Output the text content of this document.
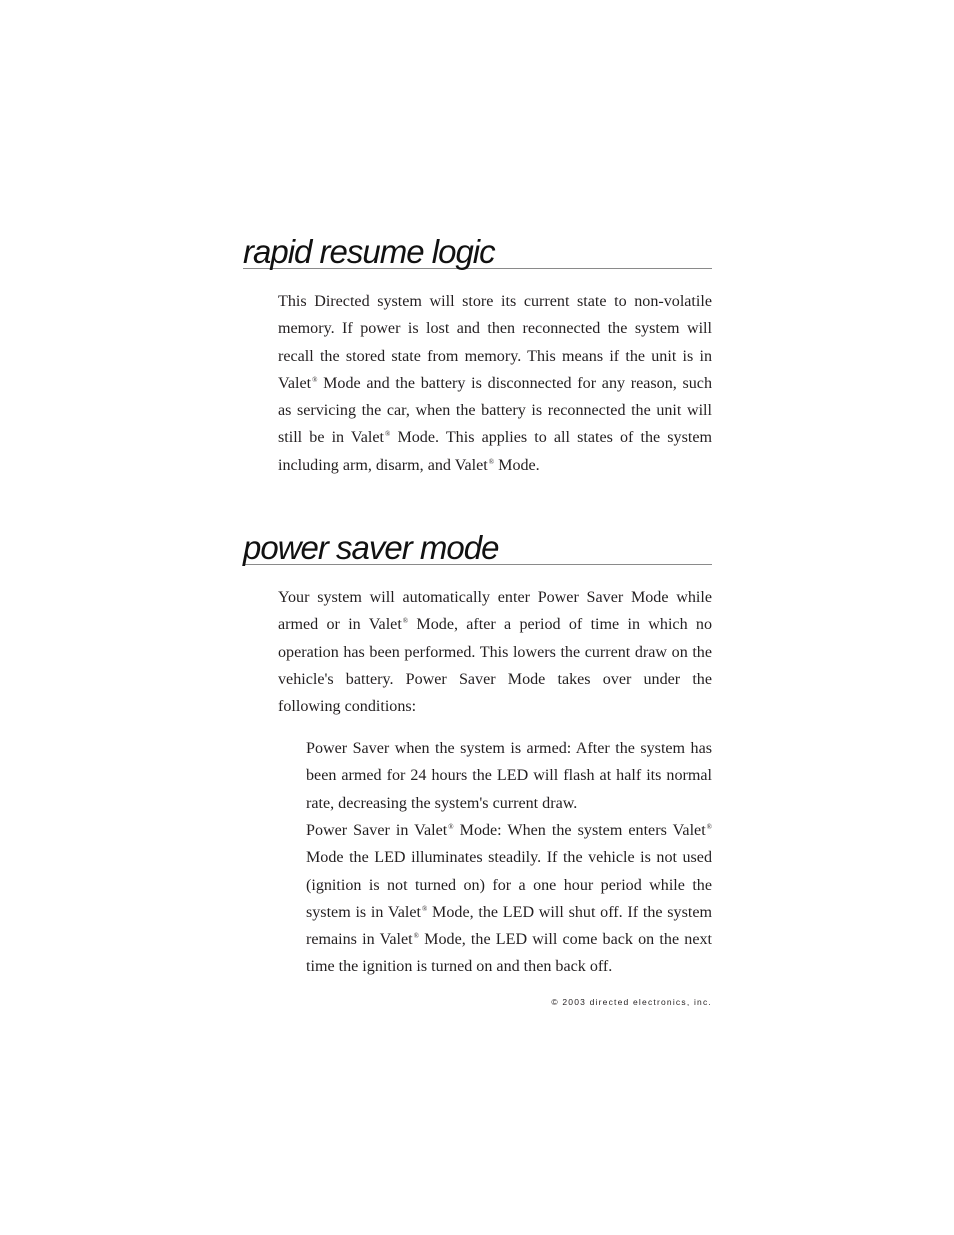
rapid resume logic

This Directed system will store its current state to non-volatile memory. If power is lost and then reconnected the system will recall the stored state from memory. This means if the unit is in Valet® Mode and the battery is disconnected for any reason, such as servicing the car, when the battery is reconnected the unit will still be in Valet® Mode. This applies to all states of the system including arm, disarm, and Valet® Mode.

power saver mode

Your system will automatically enter Power Saver Mode while armed or in Valet® Mode, after a period of time in which no operation has been performed. This lowers the current draw on the vehicle's battery. Power Saver Mode takes over under the following conditions:

Power Saver when the system is armed: After the system has been armed for 24 hours the LED will flash at half its normal rate, decreasing the system's current draw.

Power Saver in Valet® Mode: When the system enters Valet® Mode the LED illuminates steadily. If the vehicle is not used (ignition is not turned on) for a one hour period while the system is in Valet® Mode, the LED will shut off. If the system remains in Valet® Mode, the LED will come back on the next time the ignition is turned on and then back off.

© 2003 directed electronics, inc.
